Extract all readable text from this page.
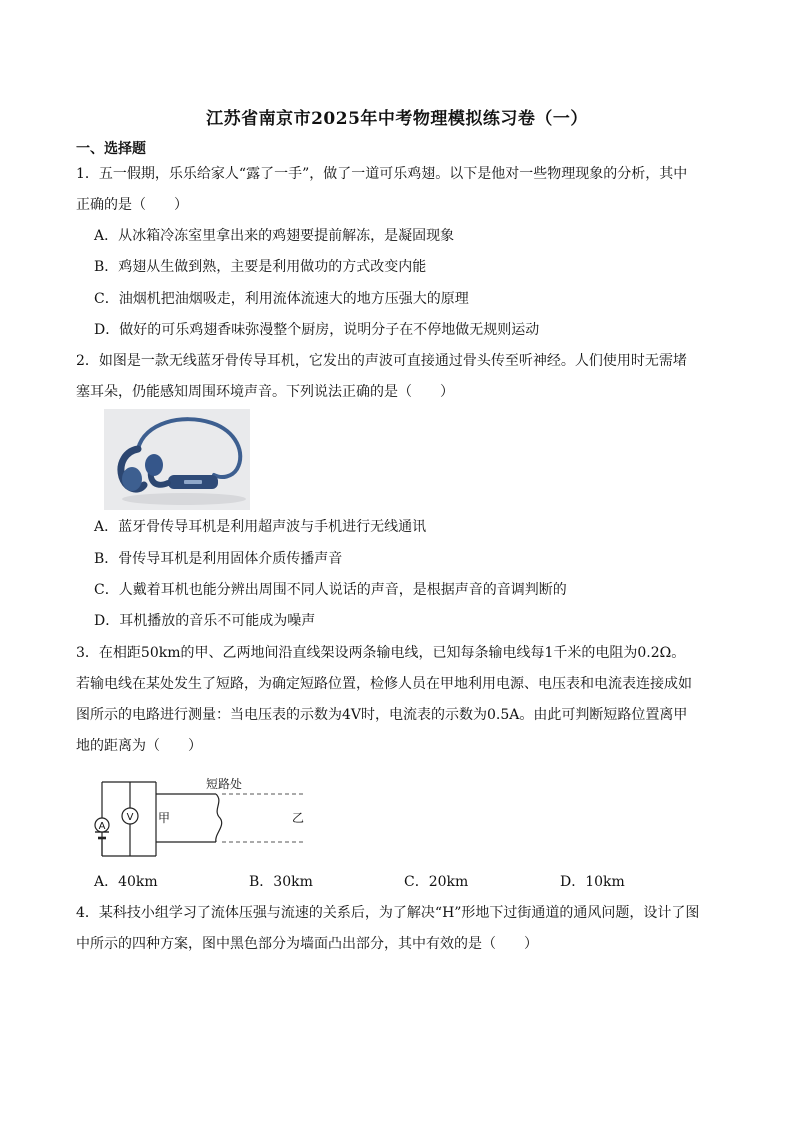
江苏省南京市2025年中考物理模拟练习卷（一）
一、选择题
1．五一假期，乐乐给家人“露了一手”，做了一道可乐鸡翅。以下是他对一些物理现象的分析，其中
正确的是（　　）
A．从冰箱冷冻室里拿出来的鸡翅要提前解冻，是凝固现象
B．鸡翅从生做到熟，主要是利用做功的方式改变内能
C．油烟机把油烟吸走，利用流体流速大的地方压强大的原理
D．做好的可乐鸡翅香味弥漫整个厨房，说明分子在不停地做无规则运动
2．如图是一款无线蓝牙骨传导耳机，它发出的声波可直接通过骨头传至听神经。人们使用时无需堵
塞耳朵，仍能感知周围环境声音。下列说法正确的是（　　）
A．蓝牙骨传导耳机是利用超声波与手机进行无线通讯
B．骨传导耳机是利用固体介质传播声音
C．人戴着耳机也能分辨出周围不同人说话的声音，是根据声音的音调判断的
D．耳机播放的音乐不可能成为噪声
3．在相距50km的甲、乙两地间沿直线架设两条输电线，已知每条输电线每1千米的电阻为0.2Ω。
若输电线在某处发生了短路，为确定短路位置，检修人员在甲地利用电源、电压表和电流表连接成如
图所示的电路进行测量：当电压表的示数为4V时，电流表的示数为0.5A。由此可判断短路位置离甲
地的距离为（　　）
A
V 甲	乙
短路处
A．40km	B．30km	C．20km	D．10km
4．某科技小组学习了流体压强与流速的关系后，为了解决“H”形地下过街通道的通风问题，设计了图
中所示的四种方案，图中黑色部分为墙面凸出部分，其中有效的是（　　）
